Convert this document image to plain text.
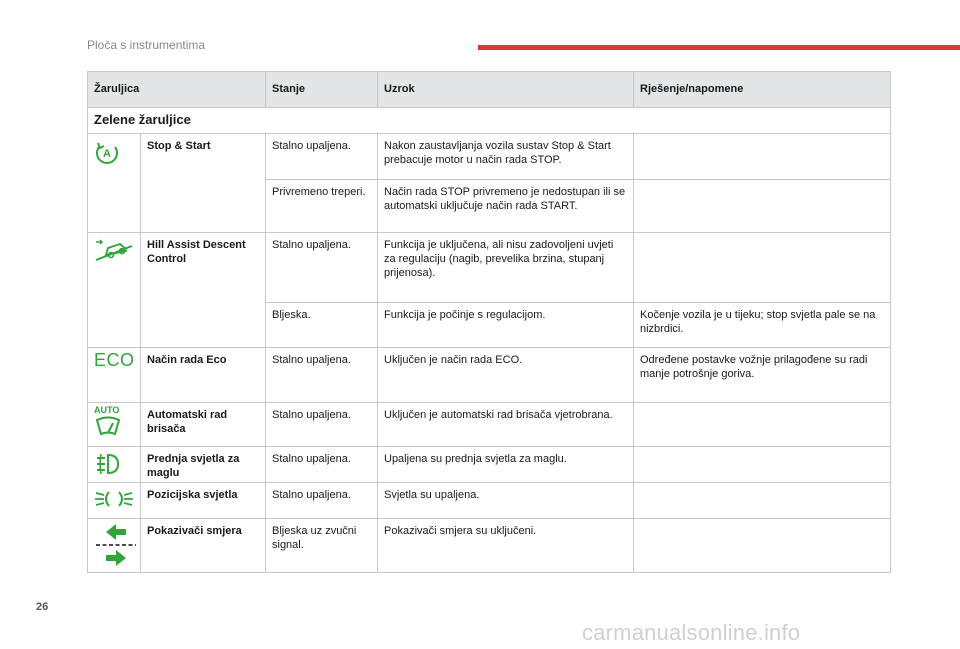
Ploča s instrumentima
Žaruljica		Stanje	Uzrok	Rješenje/napomene
Zelene žaruljice				

A	Stop & Start	Stalno upaljena.	Nakon zaustavljanja vozila sustav Stop & Start prebacuje motor u način rada STOP.	
		Privremeno treperi.	Način rada STOP privremeno je nedostupan ili se automatski uključuje način rada START.	
	Hill Assist Descent Control	Stalno upaljena.	Funkcija je uključena, ali nisu zadovoljeni uvjeti za regulaciju (nagib, prevelika brzina, stupanj prijenosa).	
		Bljeska.	Funkcija je počinje s regulacijom.	Kočenje vozila je u tijeku; stop svjetla pale se na nizbrdici.
ECO	Način rada Eco	Stalno upaljena.	Uključen je način rada ECO.	Određene postavke vožnje prilagođene su radi manje potrošnje goriva.

AUTO	Automatski rad brisača	Stalno upaljena.	Uključen je automatski rad brisača vjetrobrana.	
	Prednja svjetla za maglu	Stalno upaljena.	Upaljena su prednja svjetla za maglu.	
	Pozicijska svjetla	Stalno upaljena.	Svjetla su upaljena.	
	Pokazivači smjera	Bljeska uz zvučni signal.	Pokazivači smjera su uključeni.	
26
carmanualsonline.info
